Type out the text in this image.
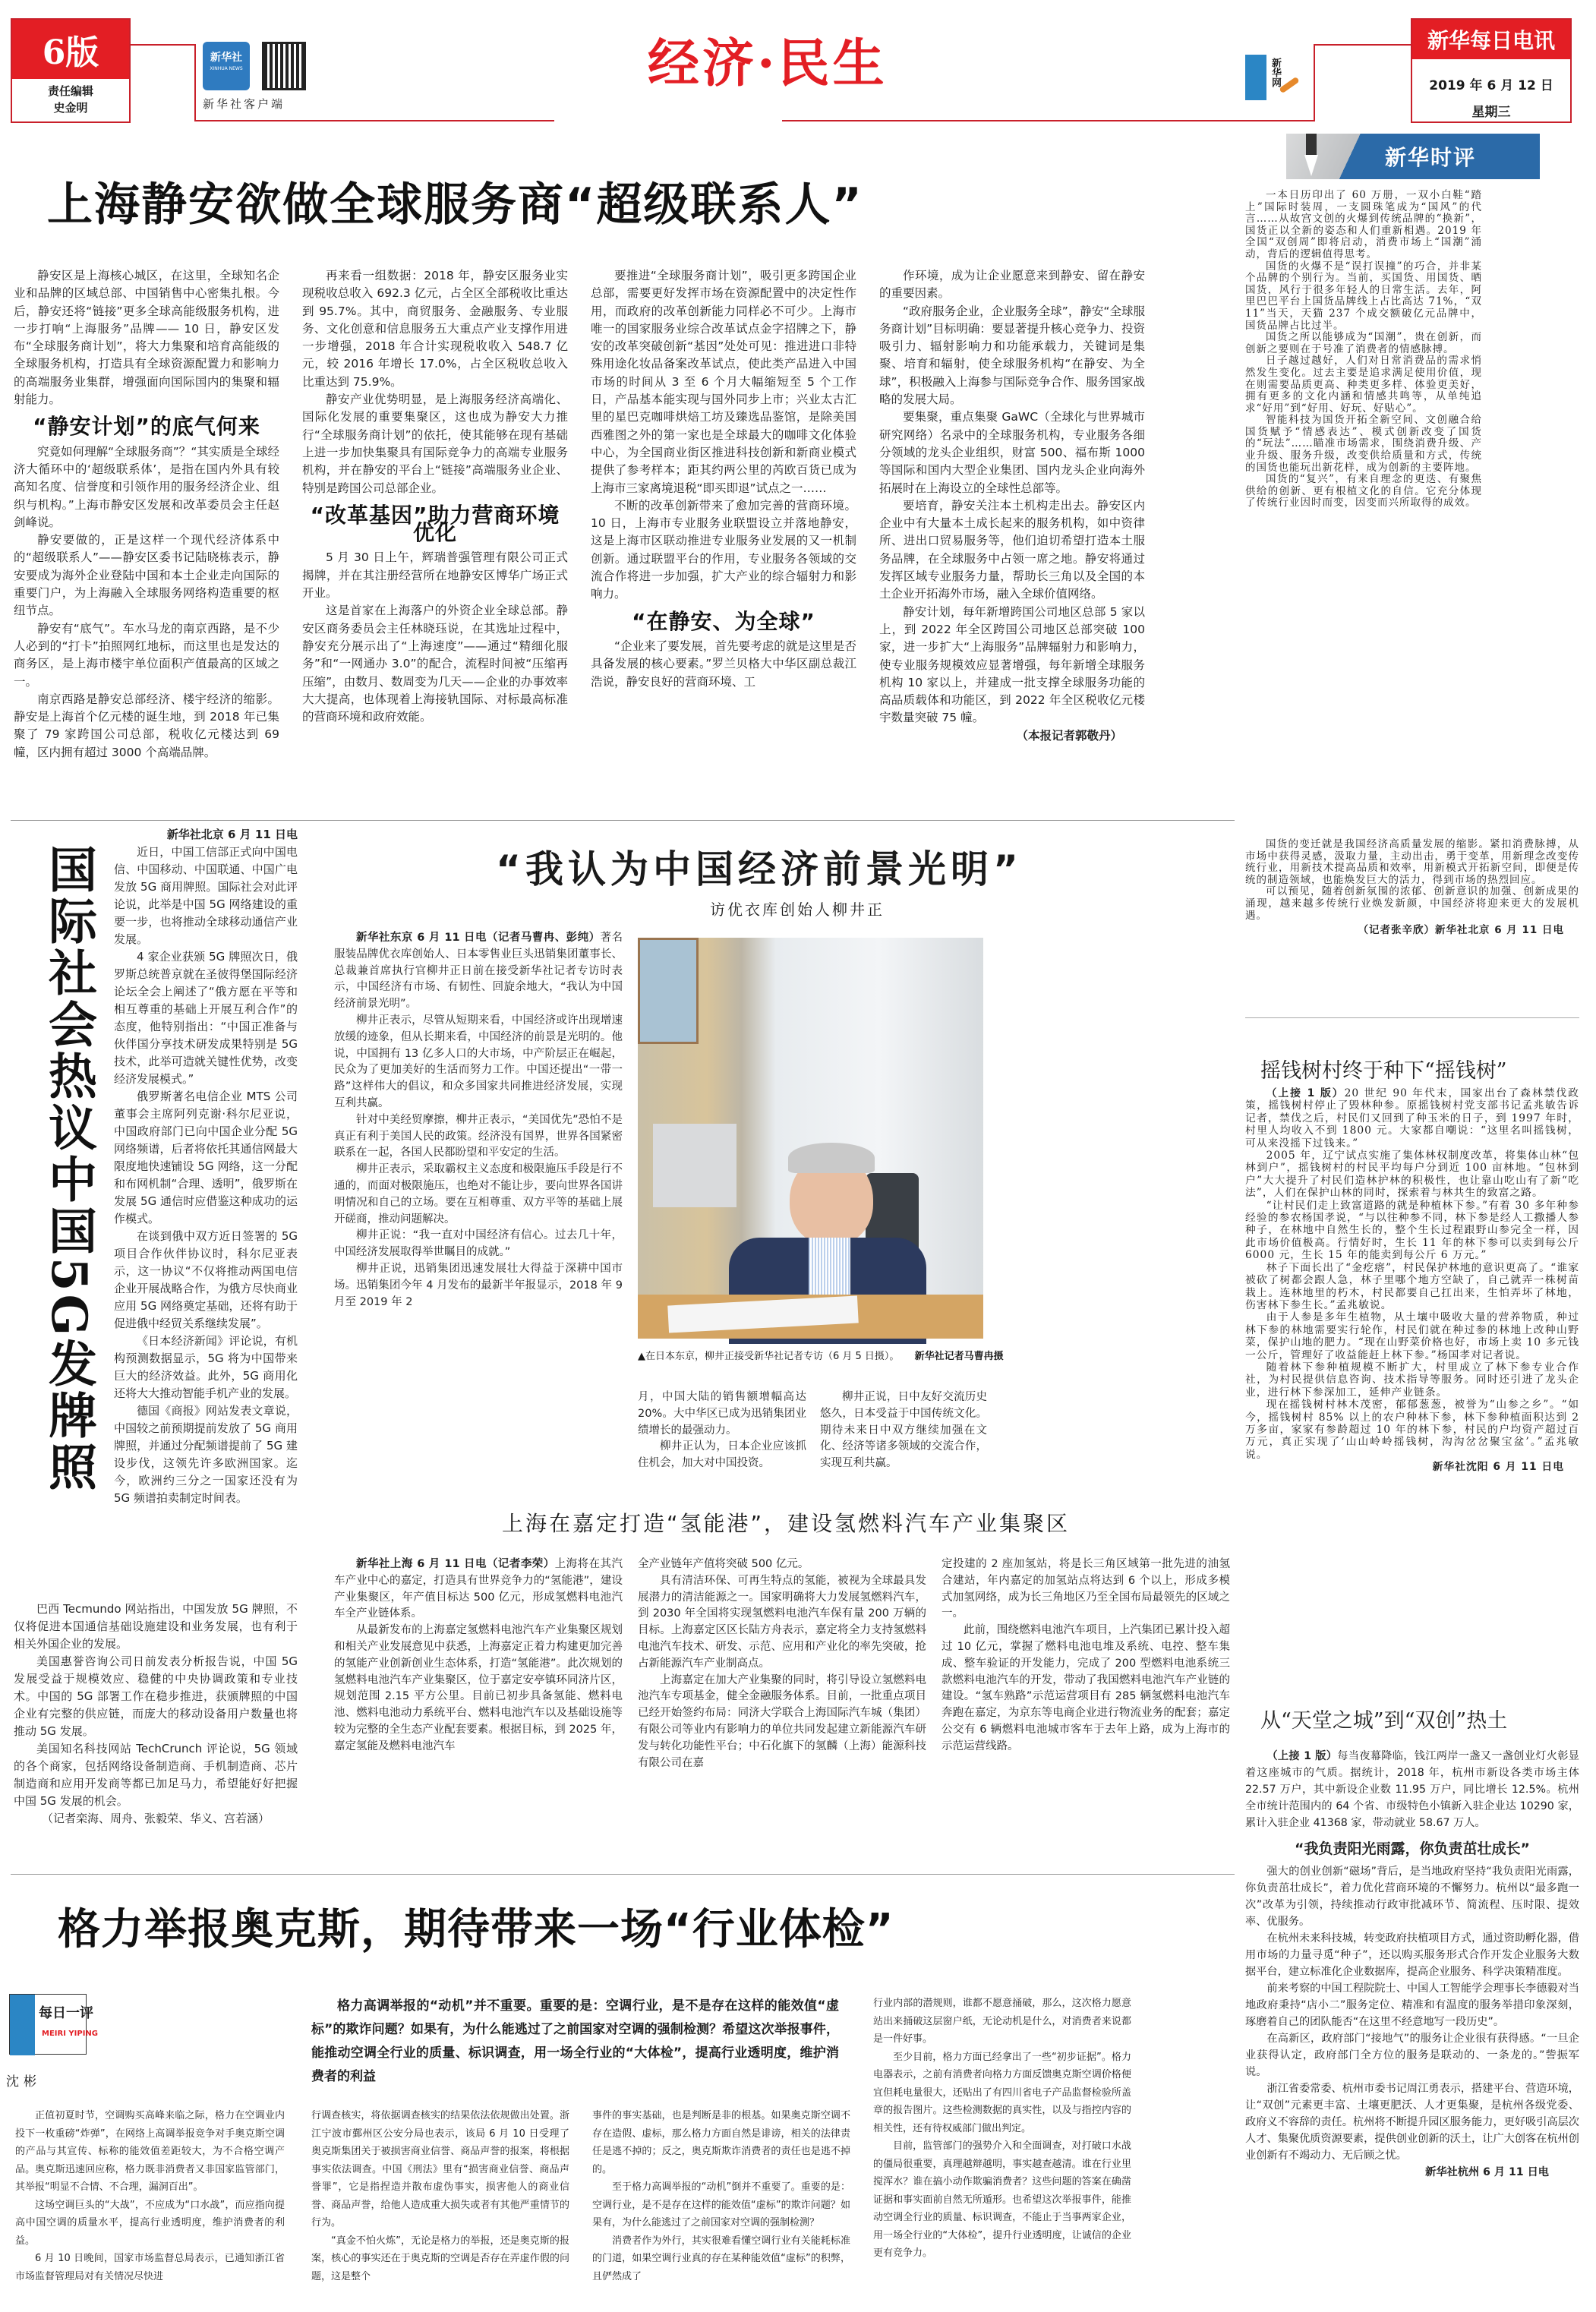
6版
责任编辑
史金明
新华社
XINHUA NEWS
新华社客户端
经济·民生	新华网
新华每日电讯
2019 年 6 月 12 日
星期三
上海静安欲做全球服务商“超级联系人”

静安区是上海核心城区，在这里，全球知名企业和品牌的区域总部、中国销售中心密集扎根。今后，静安还将“链接”更多全球高能级服务机构，进一步打响“上海服务”品牌—— 10 日，静安区发布“全球服务商计划”，将大力集聚和培育高能级的全球服务机构，打造具有全球资源配置力和影响力的高端服务业集群，增强面向国际国内的集聚和辐射能力。

“静安计划”的底气何来

究竟如何理解“全球服务商”？“其实质是全球经济大循环中的‘超级联系体’，是指在国内外具有较高知名度、信誉度和引领作用的服务经济企业、组织与机构。”上海市静安区发展和改革委员会主任赵剑峰说。

静安要做的，正是这样一个现代经济体系中的“超级联系人”——静安区委书记陆晓栋表示，静安要成为海外企业登陆中国和本土企业走向国际的重要门户，为上海融入全球服务网络构造重要的枢纽节点。

静安有“底气”。车水马龙的南京西路，是不少人必到的“打卡”拍照网红地标，而这里也是发达的商务区，是上海市楼宇单位面积产值最高的区域之一。

南京西路是静安总部经济、楼宇经济的缩影。静安是上海首个亿元楼的诞生地，到 2018 年已集聚了 79 家跨国公司总部，税收亿元楼达到 69 幢，区内拥有超过 3000 个高端品牌。

再来看一组数据：2018 年，静安区服务业实现税收总收入 692.3 亿元，占全区全部税收比重达到 95.7%。其中，商贸服务、金融服务、专业服务、文化创意和信息服务五大重点产业支撑作用进一步增强，2018 年合计实现税收收入 548.7 亿元，较 2016 年增长 17.0%，占全区税收总收入比重达到 75.9%。

静安产业优势明显，是上海服务经济高端化、国际化发展的重要集聚区，这也成为静安大力推行“全球服务商计划”的依托，使其能够在现有基础上进一步加快集聚具有国际竞争力的高端专业服务机构，并在静安的平台上“链接”高端服务业企业、特别是跨国公司总部企业。

“改革基因”助力营商环境优化

5 月 30 日上午，辉瑞普强管理有限公司正式揭牌，并在其注册经营所在地静安区博华广场正式开业。

这是首家在上海落户的外资企业全球总部。静安区商务委员会主任林晓珏说，在其选址过程中，静安充分展示出了“上海速度”——通过“精细化服务”和“一网通办 3.0”的配合，流程时间被“压缩再压缩”，由数月、数周变为几天——企业的办事效率大大提高，也体现着上海接轨国际、对标最高标准的营商环境和政府效能。

要推进“全球服务商计划”，吸引更多跨国企业总部，需要更好发挥市场在资源配置中的决定性作用，而政府的改革创新能力同样必不可少。上海市唯一的国家服务业综合改革试点金字招牌之下，静安的改革突破创新“基因”处处可见：推进进口非特殊用途化妆品备案改革试点，使此类产品进入中国市场的时间从 3 至 6 个月大幅缩短至 5 个工作日，产品基本能实现与国外同步上市；兴业太古汇里的星巴克咖啡烘焙工坊及臻选品鉴馆，是除美国西雅图之外的第一家也是全球最大的咖啡文化体验中心，为全国商业街区推进科技创新和新商业模式提供了参考样本；距其约两公里的芮欧百货已成为上海市三家离境退税“即买即退”试点之一……

不断的改革创新带来了愈加完善的营商环境。10 日，上海市专业服务业联盟设立并落地静安，这是上海市区联动推进专业服务业发展的又一机制创新。通过联盟平台的作用，专业服务各领域的交流合作将进一步加强，扩大产业的综合辐射力和影响力。

“在静安、为全球”

“企业来了要发展，首先要考虑的就是这里是否具备发展的核心要素。”罗兰贝格大中华区副总裁江浩说，静安良好的营商环境、工

作环境，成为让企业愿意来到静安、留在静安的重要因素。

“政府服务企业，企业服务全球”，静安“全球服务商计划”目标明确：要显著提升核心竞争力、投资吸引力、辐射影响力和功能承载力，关键词是集聚、培育和辐射，使全球服务机构“在静安、为全球”，积极融入上海参与国际竞争合作、服务国家战略的发展大局。

要集聚，重点集聚 GaWC（全球化与世界城市研究网络）名录中的全球服务机构，专业服务各细分领域的龙头企业组织，财富 500、福布斯 1000 等国际和国内大型企业集团、国内龙头企业向海外拓展时在上海设立的全球性总部等。

要培育，静安关注本土机构走出去。静安区内企业中有大量本土成长起来的服务机构，如中资律所、进出口贸易服务等，他们迫切希望打造本土服务品牌，在全球服务中占领一席之地。静安将通过发挥区域专业服务力量，帮助长三角以及全国的本土企业开拓海外市场，融入全球价值网络。

静安计划，每年新增跨国公司地区总部 5 家以上，到 2022 年全区跨国公司地区总部突破 100 家，进一步扩大“上海服务”品牌辐射力和影响力，使专业服务规模效应显著增强，每年新增全球服务机构 10 家以上，并建成一批支撑全球服务功能的高品质载体和功能区，到 2022 年全区税收亿元楼宇数量突破 75 幢。

（本报记者郭敬丹）
国际社会热议中国5G发牌照
新华社北京 6 月 11 日电

近日，中国工信部正式向中国电信、中国移动、中国联通、中国广电发放 5G 商用牌照。国际社会对此评论说，此举是中国 5G 网络建设的重要一步，也将推动全球移动通信产业发展。

4 家企业获颁 5G 牌照次日，俄罗斯总统普京就在圣彼得堡国际经济论坛全会上阐述了“俄方愿在平等和相互尊重的基础上开展互利合作”的态度，他特别指出：“中国正准备与伙伴国分享技术研发成果特别是 5G 技术，此举可造就关键性优势，改变经济发展模式。”

俄罗斯著名电信企业 MTS 公司董事会主席阿列克谢·科尔尼亚说，中国政府部门已向中国企业分配 5G 网络频谱，后者将依托其通信网最大限度地快速铺设 5G 网络，这一分配和布网机制“合理、透明”，俄罗斯在发展 5G 通信时应借鉴这种成功的运作模式。

在谈到俄中双方近日签署的 5G 项目合作伙伴协议时，科尔尼亚表示，这一协议“不仅将推动两国电信企业开展战略合作，为俄方尽快商业应用 5G 网络奠定基础，还将有助于促进俄中经贸关系继续发展”。

《日本经济新闻》评论说，有机构预测数据显示，5G 将为中国带来巨大的经济效益。此外，5G 商用化还将大大推动智能手机产业的发展。

德国《商报》网站发表文章说，中国较之前预期提前发放了 5G 商用牌照，并通过分配频谱提前了 5G 建设步伐，这领先许多欧洲国家。迄今，欧洲约三分之一国家还没有为 5G 频谱拍卖制定时间表。

巴西 Tecmundo 网站指出，中国发放 5G 牌照，不仅将促进本国通信基础设施建设和业务发展，也有利于相关外国企业的发展。

美国惠誉咨询公司日前发表分析报告说，中国 5G 发展受益于规模效应、稳健的中央协调政策和专业技术。中国的 5G 部署工作在稳步推进，获颁牌照的中国企业有完整的供应链，而庞大的移动设备用户数量也将推动 5G 发展。

美国知名科技网站 TechCrunch 评论说，5G 领域的各个商家，包括网络设备制造商、手机制造商、芯片制造商和应用开发商等都已加足马力，希望能好好把握中国 5G 发展的机会。

（记者栾海、周舟、张毅荣、华义、宫若涵）
“我认为中国经济前景光明”
访优衣库创始人柳井正

新华社东京 6 月 11 日电（记者马曹冉、彭纯）著名服装品牌优衣库创始人、日本零售业巨头迅销集团董事长、总裁兼首席执行官柳井正日前在接受新华社记者专访时表示，中国经济有市场、有韧性、回旋余地大，“我认为中国经济前景光明”。

柳井正表示，尽管从短期来看，中国经济或许出现增速放缓的迹象，但从长期来看，中国经济的前景是光明的。他说，中国拥有 13 亿多人口的大市场，中产阶层正在崛起，民众为了更加美好的生活而努力工作。中国还提出“一带一路”这样伟大的倡议，和众多国家共同推进经济发展，实现互利共赢。

针对中美经贸摩擦，柳井正表示，“美国优先”恐怕不是真正有利于美国人民的政策。经济没有国界，世界各国紧密联系在一起，各国人民都盼望和平安定的生活。

柳井正表示，采取霸权主义态度和极限施压手段是行不通的，而面对极限施压，也绝对不能让步，要向世界各国讲明情况和自己的立场。要在互相尊重、双方平等的基础上展开磋商，推动问题解决。

柳井正说：“我一直对中国经济有信心。过去几十年，中国经济发展取得举世瞩目的成就。”

柳井正说，迅销集团迅速发展壮大得益于深耕中国市场。迅销集团今年 4 月发布的最新半年报显示，2018 年 9 月至 2019 年 2

▲在日本东京，柳井正接受新华社记者专访（6 月 5 日摄）。 新华社记者马曹冉摄

月，中国大陆的销售额增幅高达 20%。大中华区已成为迅销集团业绩增长的最强动力。

柳井正认为，日本企业应该抓住机会，加大对中国投资。

柳井正说，日中友好交流历史悠久，日本受益于中国传统文化。期待未来日中双方继续加强在文化、经济等诸多领域的交流合作，实现互利共赢。

上海在嘉定打造“氢能港”，建设氢燃料汽车产业集聚区

新华社上海 6 月 11 日电（记者李荣）上海将在其汽车产业中心的嘉定，打造具有世界竞争力的“氢能港”，建设产业集聚区，年产值目标达 500 亿元，形成氢燃料电池汽车全产业链体系。

从最新发布的上海嘉定氢燃料电池汽车产业集聚区规划和相关产业发展意见中获悉，上海嘉定正着力构建更加完善的氢能产业创新创业生态体系，打造“氢能港”。此次规划的氢燃料电池汽车产业集聚区，位于嘉定安亭镇环同济片区，规划范围 2.15 平方公里。目前已初步具备氢能、燃料电池、燃料电池动力系统平台、燃料电池汽车以及基础设施等较为完整的全生态产业配套要素。根据目标，到 2025 年，嘉定氢能及燃料电池汽车

全产业链年产值将突破 500 亿元。

具有清洁环保、可再生特点的氢能，被视为全球最具发展潜力的清洁能源之一。国家明确将大力发展氢燃料汽车，到 2030 年全国将实现氢燃料电池汽车保有量 200 万辆的目标。上海嘉定区区长陆方舟表示，嘉定将全力支持氢燃料电池汽车技术、研发、示范、应用和产业化的率先突破，抢占新能源汽车产业制高点。

上海嘉定在加大产业集聚的同时，将引导设立氢燃料电池汽车专项基金，健全金融服务体系。目前，一批重点项目已经开始签约布局：同济大学联合上海国际汽车城（集团）有限公司等业内有影响力的单位共同发起建立新能源汽车研发与转化功能性平台；中石化旗下的氢麟（上海）能源科技有限公司在嘉

定投建的 2 座加氢站，将是长三角区域第一批先进的油氢合建站，年内嘉定的加氢站点将达到 6 个以上，形成多模式加氢网络，成为长三角地区乃至全国布局最领先的区域之一。

此前，围绕燃料电池汽车项目，上汽集团已累计投入超过 10 亿元，掌握了燃料电池电堆及系统、电控、整车集成、整车验证的开发能力，完成了 200 型燃料电池系统三款燃料电池汽车的开发，带动了我国燃料电池汽车产业链的建设。“氢车熟路”示范运营项目有 285 辆氢燃料电池汽车奔跑在嘉定，为京东等电商企业进行物流业务的配套；嘉定公交有 6 辆燃料电池城市客车于去年上路，成为上海市的示范运营线路。

新华时评

一本日历印出了 60 万册，一双小白鞋“踏上”国际时装周，一支圆珠笔成为“国风”的代言……从故宫文创的火爆到传统品牌的“换新”，国货正以全新的姿态和人们重新相遇。2019 年全国“双创周”即将启动，消费市场上“国潮”涌动，背后的逻辑值得思考。

国货的火爆不是“误打误撞”的巧合，并非某个品牌的个别行为。当前，买国货、用国货、晒国货，风行于很多年轻人的日常生活。去年，阿里巴巴平台上国货品牌线上占比高达 71%，“双 11”当天，天猫 237 个成交额破亿元品牌中，国货品牌占比过半。

国货之所以能够成为“国潮”，贵在创新，而创新之要则在于号准了消费者的情感脉搏。

日子越过越好，人们对日常消费品的需求悄然发生变化。过去主要是追求满足使用价值，现在则需要品质更高、种类更多样、体验更美好，拥有更多的文化内涵和情感共鸣等，从单纯追求“好用”到“好用、好玩、好贴心”。

智能科技为国货开拓全新空间、文创融合给国货赋予“情感表达”、模式创新改变了国货的“玩法”……瞄准市场需求，围绕消费升级、产业升级、服务升级，改变供给质量和方式，传统的国货也能玩出新花样，成为创新的主要阵地。

国货的“复兴”，有来自理念的更迭、有聚焦供给的创新、更有根植文化的自信。它充分体现了传统行业因时而变，因变而兴所取得的成效。

国货的变迁就是我国经济高质量发展的缩影。紧扣消费脉搏，从市场中获得灵感，汲取力量，主动出击，勇于变革，用新理念改变传统行业，用新技术提高品质和效率，用新模式开拓新空间，即便是传统的制造领域，也能焕发巨大的活力，得到市场的热烈回应。

可以预见，随着创新氛围的浓郁、创新意识的加强、创新成果的涌现，越来越多传统行业焕发新颜，中国经济将迎来更大的发展机遇。

（记者张辛欣）新华社北京 6 月 11 日电
摇钱树村终于种下“摇钱树”

（上接 1 版）20 世纪 90 年代末，国家出台了森林禁伐政策，摇钱树村停止了毁林种参。原摇钱树村党支部书记孟兆敏告诉记者，禁伐之后，村民们又回到了种玉米的日子，到 1997 年时，村里人均收入不到 1800 元。大家都自嘲说：“这里名叫摇钱树，可从来没摇下过钱来。”

2005 年，辽宁试点实施了集体林权制度改革，将集体山林“包林到户”，摇钱树村的村民平均每户分到近 100 亩林地。“包林到户”大大提升了村民们造林护林的积极性，也让靠山吃山有了新“吃法”，人们在保护山林的同时，探索着与林共生的致富之路。

“让村民们走上致富道路的就是种植林下参。”有着 30 多年种参经验的参农杨国孝说，“与以往种参不同，林下参是经人工撒播人参种子，在林地中自然生长的，整个生长过程跟野山参完全一样，因此市场价值极高。行情好时，生长 11 年的林下参可以卖到每公斤 6000 元，生长 15 年的能卖到每公斤 6 万元。”

林子下面长出了“金疙瘩”，村民保护林地的意识更高了。“谁家被砍了树都会跟人急，林子里哪个地方空缺了，自己就弄一株树苗栽上。连林地里的朽木，村民都要自己扛出来，生怕弄坏了林地，伤害林下参生长。”孟兆敏说。

由于人参是多年生植物，从土壤中吸收大量的营养物质，种过林下参的林地需要实行轮作，村民们就在种过参的林地上改种山野菜，保护山地的肥力。“现在山野菜价格也好，市场上卖 10 多元钱一公斤，管理好了收益能赶上林下参。”杨国孝对记者说。

随着林下参种植规模不断扩大，村里成立了林下参专业合作社，为村民提供信息咨询、技术指导等服务。同时还引进了龙头企业，进行林下参深加工，延伸产业链条。

现在摇钱树村林木茂密，郁郁葱葱，被誉为“山参之乡”。“如今，摇钱树村 85% 以上的农户种林下参，林下参种植面积达到 2 万多亩，家家有参龄超过 10 年的林下参，村民的户均资产超过百万元，真正实现了‘山山岭岭摇钱树，沟沟岔岔聚宝盆’。”孟兆敏说。

新华社沈阳 6 月 11 日电
从“天堂之城”到“双创”热土

（上接 1 版）每当夜幕降临，钱江两岸一盏又一盏创业灯火彰显着这座城市的气质。据统计，2018 年，杭州市新设各类市场主体 22.57 万户，其中新设企业数 11.95 万户，同比增长 12.5%。杭州全市统计范围内的 64 个省、市级特色小镇新入驻企业达 10290 家，累计入驻企业 41368 家，带动就业 58.67 万人。

“我负责阳光雨露，你负责茁壮成长”

强大的创业创新“磁场”背后，是当地政府坚持“我负责阳光雨露，你负责茁壮成长”，着力优化营商环境的不懈努力。杭州以“最多跑一次”改革为引领，持续推动行政审批减环节、简流程、压时限、提效率、优服务。

在杭州未来科技城，转变政府扶植项目方式，通过资助孵化器，借用市场的力量寻觅“种子”，还以购买服务形式合作开发企业服务大数据平台，建立标准化企业数据库，提高企业服务、科学决策精准度。

前来考察的中国工程院院士、中国人工智能学会理事长李德毅对当地政府秉持“店小二”服务定位、精准和有温度的服务举措印象深刻，琢磨着自己的团队能否“在这里不经意地写一段历史”。

在高新区，政府部门“接地气”的服务让企业很有获得感。“一旦企业获得认定，政府部门全方位的服务是联动的、一条龙的。”訾振军说。

浙江省委常委、杭州市委书记周江勇表示，搭建平台、营造环境，让“双创”元素更丰富、土壤更肥沃、人才更集聚，是杭州各级党委、政府义不容辞的责任。杭州将不断提升园区服务能力，更好吸引高层次人才、集聚优质资源要素，提供创业创新的沃土，让广大创客在杭州创业创新有不竭动力、无后顾之忧。

新华社杭州 6 月 11 日电
格力举报奥克斯，期待带来一场“行业体检”
每日一评
MEIRI YIPING
沈彬
格力高调举报的“动机”并不重要。重要的是：空调行业，是不是存在这样的能效值“虚标”的欺诈问题？如果有，为什么能逃过了之前国家对空调的强制检测？希望这次举报事件，能推动空调全行业的质量、标识调查，用一场全行业的“大体检”，提高行业透明度，维护消费者的利益

正值初夏时节，空调购买高峰来临之际，格力在空调业内投下一枚重磅“炸弹”，在网络上高调举报竞争对手奥克斯空调的产品与其宣传、标称的能效值差距较大，为不合格空调产品。奥克斯迅速回应称，格力既非消费者又非国家监管部门，其举报“明显不合情、不合理，漏洞百出”。

这场空调巨头的“大战”，不应成为“口水战”，而应指向提高中国空调的质量水平，提高行业透明度，维护消费者的利益。

6 月 10 日晚间，国家市场监督总局表示，已通知浙江省市场监督管理局对有关情况尽快进

行调查核实，将依据调查核实的结果依法依规做出处置。浙江宁波市鄞州区公安分局也表示，该局 6 月 10 日受理了奥克斯集团关于被损害商业信誉、商品声誉的报案，将根据事实依法调查。中国《刑法》里有“损害商业信誉、商品声誉罪”，它是指捏造并散布虚伪事实，损害他人的商业信誉、商品声誉，给他人造成重大损失或者有其他严重情节的行为。

“真金不怕火炼”，无论是格力的举报，还是奥克斯的报案，核心的事实还在于奥克斯的空调是否存在弄虚作假的问题，这是整个

事件的事实基础，也是判断是非的根基。如果奥克斯空调不存在造假、虚标，那么格力方面自然是诽谤，相关的法律责任是逃不掉的；反之，奥克斯欺诈消费者的责任也是逃不掉的。

至于格力高调举报的“动机”倒并不重要了。重要的是：空调行业，是不是存在这样的能效值“虚标”的欺诈问题？如果有，为什么能逃过了之前国家对空调的强制检测？

消费者作为外行，其实很难看懂空调行业有关能耗标准的门道，如果空调行业真的存在某种能效值“虚标”的积弊，且俨然成了

行业内部的潜规则，谁都不愿意捅破，那么，这次格力愿意站出来捅破这层窗户纸，无论动机是什么，对消费者来说都是一件好事。

至少目前，格力方面已经拿出了一些“初步证据”。格力电器表示，之前有消费者向格力方面反馈奥克斯空调价格便宜但耗电量很大，还贴出了有四川省电子产品监督检验所盖章的报告图片。这些检测数据的真实性，以及与指控内容的相关性，还有待权威部门做出判定。

目前，监管部门的强势介入和全面调查，对打破口水战的僵局很重要，真理越辩越明，事实越查越清。谁在行业里搅浑水？谁在搞小动作欺骗消费者？这些问题的答案在确凿证据和事实面前自然无所遁形。也希望这次举报事件，能推动空调全行业的质量、标识调查，不能止于当事两家企业，用一场全行业的“大体检”，提升行业透明度，让诚信的企业更有竞争力。
